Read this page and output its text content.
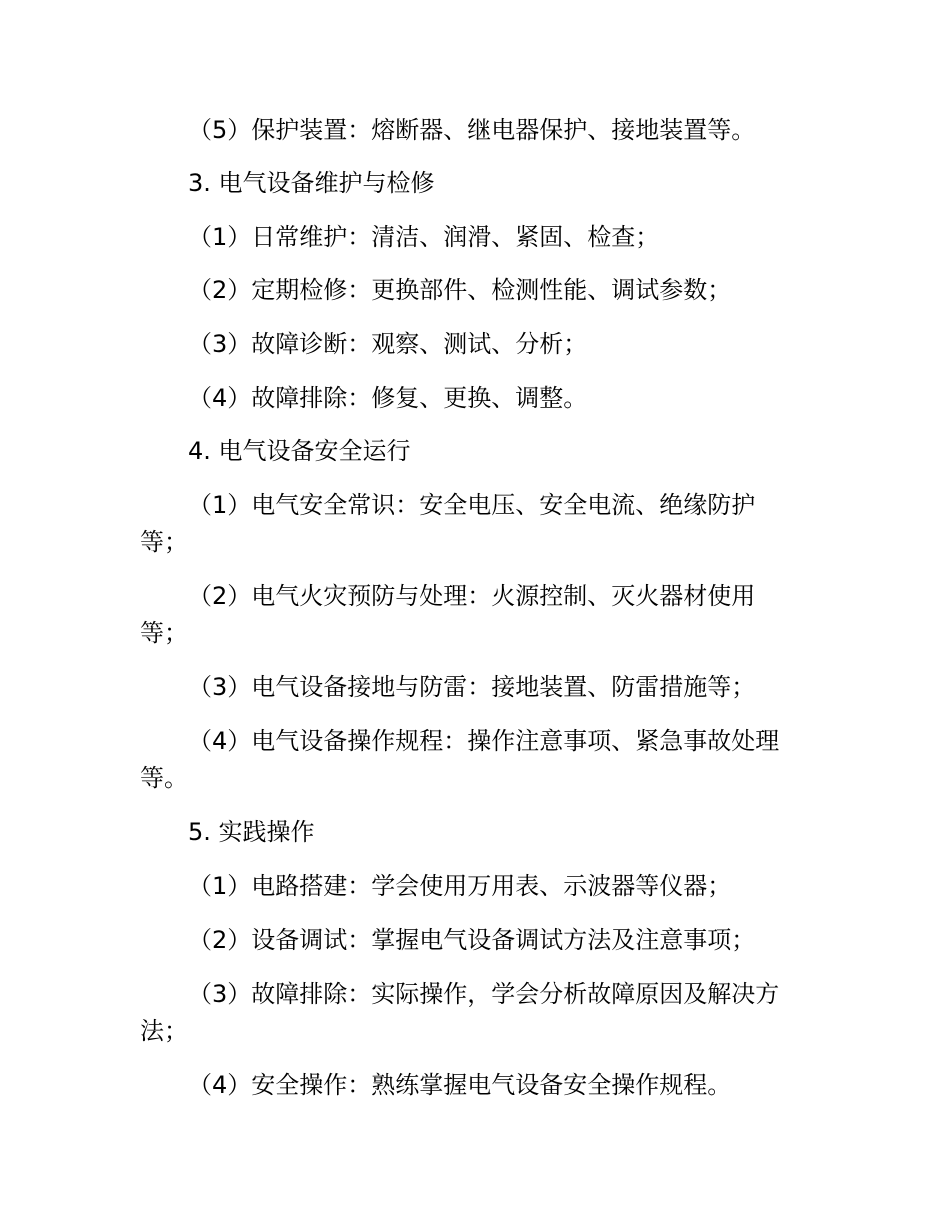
（5）保护装置：熔断器、继电器保护、接地装置等。
3. 电气设备维护与检修
（1）日常维护：清洁、润滑、紧固、检查；
（2）定期检修：更换部件、检测性能、调试参数；
（3）故障诊断：观察、测试、分析；
（4）故障排除：修复、更换、调整。
4. 电气设备安全运行
（1）电气安全常识：安全电压、安全电流、绝缘防护
等；
（2）电气火灾预防与处理：火源控制、灭火器材使用
等；
（3）电气设备接地与防雷：接地装置、防雷措施等；
（4）电气设备操作规程：操作注意事项、紧急事故处理
等。
5. 实践操作
（1）电路搭建：学会使用万用表、示波器等仪器；
（2）设备调试：掌握电气设备调试方法及注意事项；
（3）故障排除：实际操作，学会分析故障原因及解决方
法；
（4）安全操作：熟练掌握电气设备安全操作规程。
